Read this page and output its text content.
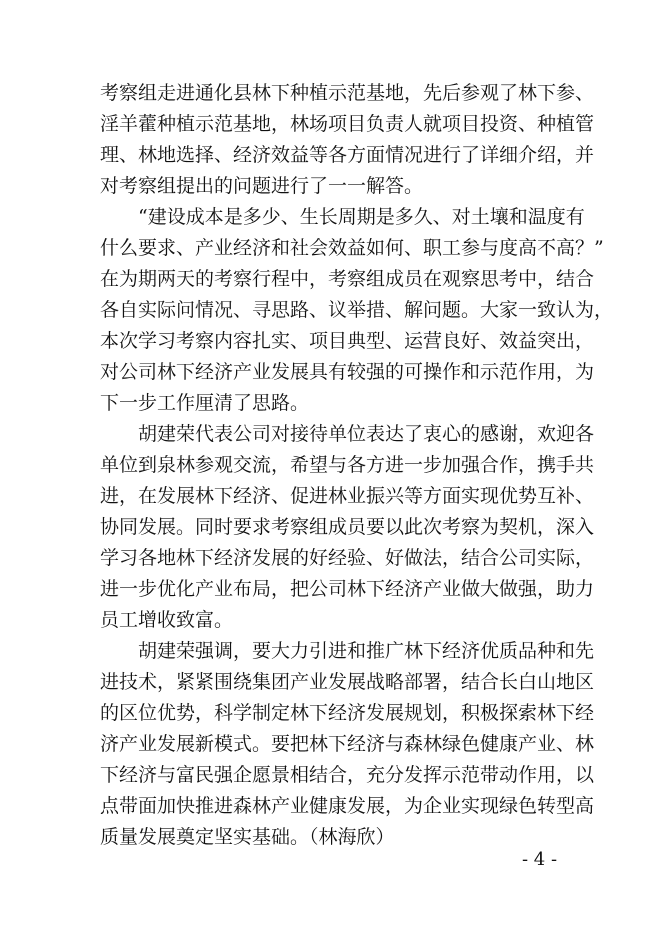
考察组走进通化县林下种植示范基地，先后参观了林下参、
淫羊藿种植示范基地，林场项目负责人就项目投资、种植管
理、林地选择、经济效益等各方面情况进行了详细介绍，并
对考察组提出的问题进行了一一解答。
“建设成本是多少、生长周期是多久、对土壤和温度有
什么要求、产业经济和社会效益如何、职工参与度高不高？”
在为期两天的考察行程中，考察组成员在观察思考中，结合
各自实际问情况、寻思路、议举措、解问题。大家一致认为，
本次学习考察内容扎实、项目典型、运营良好、效益突出，
对公司林下经济产业发展具有较强的可操作和示范作用，为
下一步工作厘清了思路。
胡建荣代表公司对接待单位表达了衷心的感谢，欢迎各
单位到泉林参观交流，希望与各方进一步加强合作，携手共
进，在发展林下经济、促进林业振兴等方面实现优势互补、
协同发展。同时要求考察组成员要以此次考察为契机，深入
学习各地林下经济发展的好经验、好做法，结合公司实际，
进一步优化产业布局，把公司林下经济产业做大做强，助力
员工增收致富。
胡建荣强调，要大力引进和推广林下经济优质品种和先
进技术，紧紧围绕集团产业发展战略部署，结合长白山地区
的区位优势，科学制定林下经济发展规划，积极探索林下经
济产业发展新模式。要把林下经济与森林绿色健康产业、林
下经济与富民强企愿景相结合，充分发挥示范带动作用，以
点带面加快推进森林产业健康发展，为企业实现绿色转型高
质量发展奠定坚实基础。（林海欣）
- 4 -
